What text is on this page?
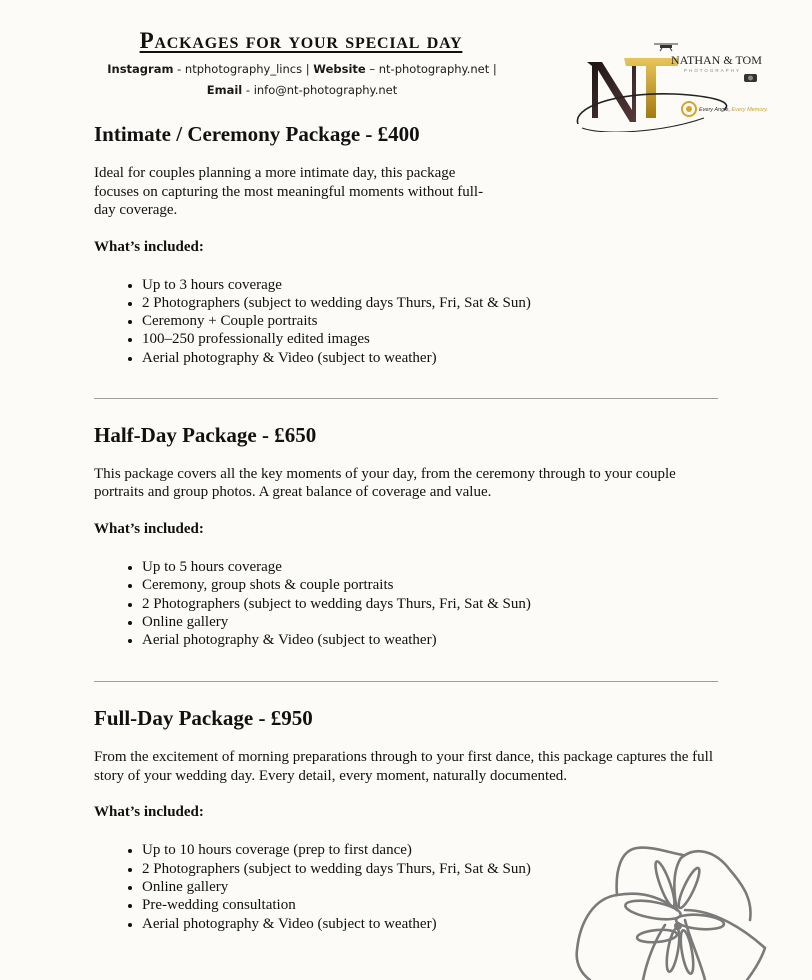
Packages for your special day
Instagram - ntphotography_lincs | Website – nt-photography.net |
Email - info@nt-photography.net
NATHAN & TOM
PHOTOGRAPHY
Every Angle, Every Memory.
Intimate / Ceremony Package - £400

Ideal for couples planning a more intimate day, this package focuses on capturing the most meaningful moments without full-day coverage.

What’s included:

• Up to 3 hours coverage
• 2 Photographers (subject to wedding days Thurs, Fri, Sat & Sun)
• Ceremony + Couple portraits
• 100–250 professionally edited images
• Aerial photography & Video (subject to weather)
Half-Day Package - £650

This package covers all the key moments of your day, from the ceremony through to your couple portraits and group photos. A great balance of coverage and value.

What’s included:

• Up to 5 hours coverage
• Ceremony, group shots & couple portraits
• 2 Photographers (subject to wedding days Thurs, Fri, Sat & Sun)
• Online gallery
• Aerial photography & Video (subject to weather)
Full-Day Package - £950

From the excitement of morning preparations through to your first dance, this package captures the full story of your wedding day. Every detail, every moment, naturally documented.

What’s included:

• Up to 10 hours coverage (prep to first dance)
• 2 Photographers (subject to wedding days Thurs, Fri, Sat & Sun)
• Online gallery
• Pre-wedding consultation
• Aerial photography & Video (subject to weather)
